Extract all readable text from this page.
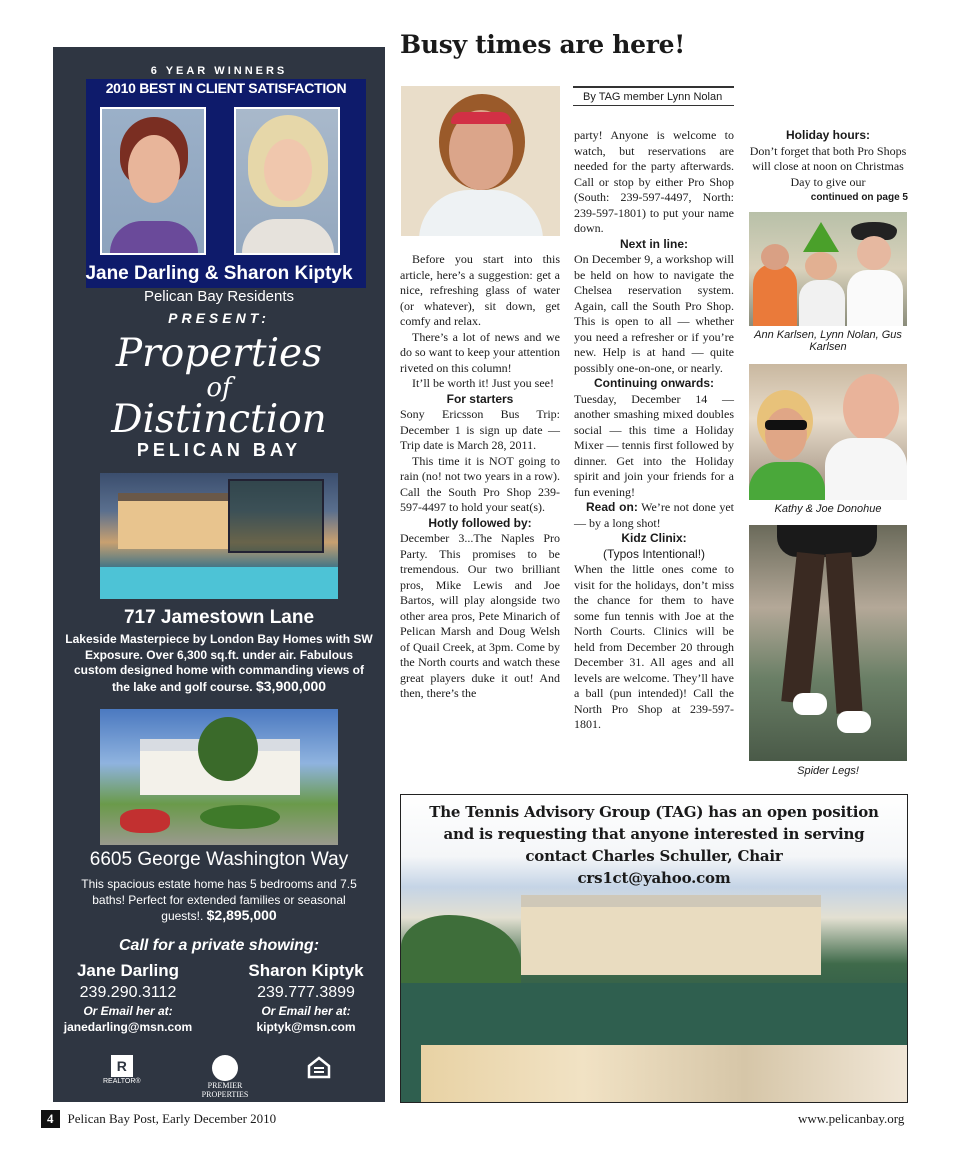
6 YEAR WINNERS
2010 BEST IN CLIENT SATISFACTION
Jane Darling & Sharon Kiptyk
Pelican Bay Residents
PRESENT:
Properties
of
Distinction
PELICAN BAY
717 Jamestown Lane
Lakeside Masterpiece by London Bay Homes with SW Exposure. Over 6,300 sq.ft. under air. Fabulous custom designed home with commanding views of the lake and golf course. $3,900,000
6605 George Washington Way
This spacious estate home has 5 bedrooms and 7.5 baths! Perfect for extended families or seasonal guests!. $2,895,000
Call for a private showing:
Jane Darling
239.290.3112
Or Email her at:
janedarling@msn.com
Sharon Kiptyk
239.777.3899
Or Email her at:
kiptyk@msn.com
R
REALTOR®	PREMIER PROPERTIES
Busy times are here!
By TAG member Lynn Nolan

Before you start into this article, here’s a suggestion: get a nice, refreshing glass of water (or whatever), sit down, get comfy and relax.

There’s a lot of news and we do so want to keep your attention riveted on this column!

It’ll be worth it! Just you see!

For starters

Sony Ericsson Bus Trip: December 1 is sign up date — Trip date is March 28, 2011.

This time it is NOT going to rain (no! not two years in a row). Call the South Pro Shop 239-597-4497 to hold your seat(s).

Hotly followed by:

December 3...The Naples Pro Party. This promises to be tremendous. Our two brilliant pros, Mike Lewis and Joe Bartos, will play alongside two other area pros, Pete Minarich of Pelican Marsh and Doug Welsh of Quail Creek, at 3pm. Come by the North courts and watch these great players duke it out! And then, there’s the

party! Anyone is welcome to watch, but reservations are needed for the party afterwards. Call or stop by either Pro Shop (South: 239-597-4497, North: 239-597-1801) to put your name down.

Next in line:

On December 9, a workshop will be held on how to navigate the Chelsea reservation system. Again, call the South Pro Shop. This is open to all — whether you need a refresher or if you’re new. Help is at hand — quite possibly one-on-one, or nearly.

Continuing onwards:

Tuesday, December 14 — another smashing mixed doubles social — this time a Holiday Mixer — tennis first followed by dinner. Get into the Holiday spirit and join your friends for a fun evening!

Read on: We’re not done yet — by a long shot!

Kidz Clinix:

(Typos Intentional!)

When the little ones come to visit for the holidays, don’t miss the chance for them to have some fun tennis with Joe at the North Courts. Clinics will be held from December 20 through December 31. All ages and all levels are welcome. They’ll have a ball (pun intended)! Call the North Pro Shop at 239-597-1801.

Holiday hours:

Don’t forget that both Pro Shops will close at noon on Christmas Day to give our

continued on page 5

Ann Karlsen, Lynn Nolan, Gus Karlsen
Kathy & Joe Donohue
Spider Legs!
The Tennis Advisory Group (TAG) has an open position
and is requesting that anyone interested in serving
contact Charles Schuller, Chair
crs1ct@yahoo.com
4 Pelican Bay Post, Early December 2010	www.pelicanbay.org
